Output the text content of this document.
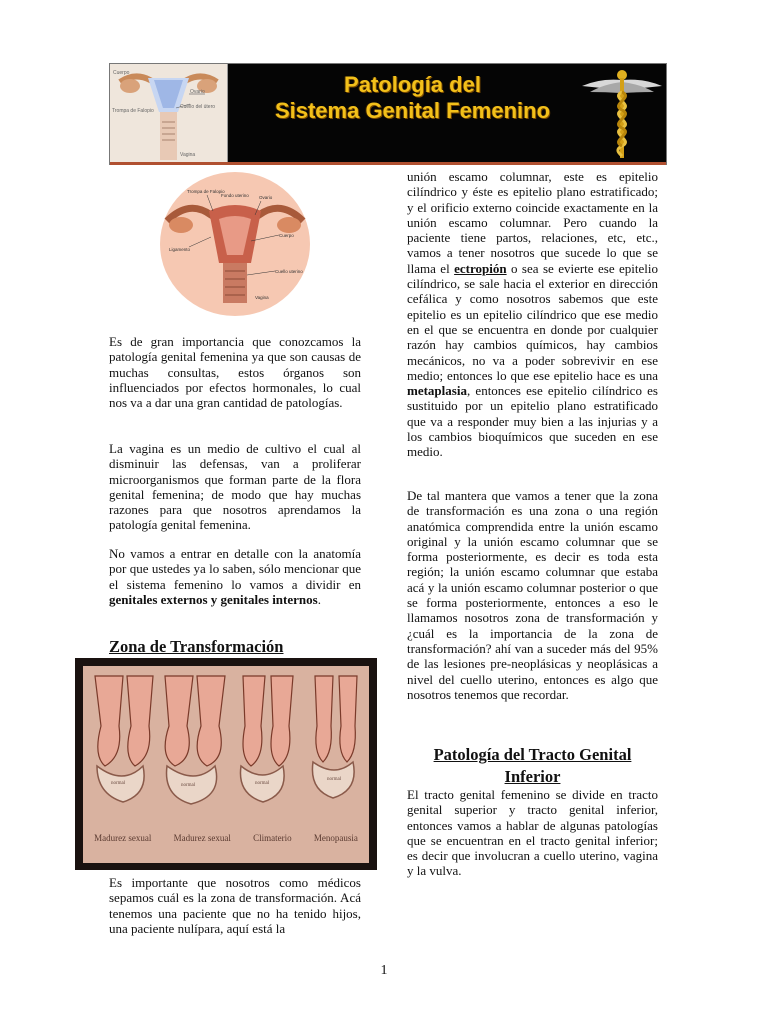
Cuerpo
Ovario
Cuello del útero
Trompa de Falopio
Vagina
Patología del
Sistema Genital Femenino
Trompa de Falopio
Fondo uterino Ovario
Ligamento
Cuerpo
Cuello uterino
Vagina

Es de gran importancia que conozcamos la patología genital femenina ya que son causas de muchas consultas, estos órganos son influenciados por efectos hormonales, lo cual nos va a dar una gran cantidad de patologías.

La vagina es un medio de cultivo el cual al disminuir las defensas, van a proliferar microorganismos que forman parte de la flora genital femenina; de modo que hay muchas razones para que nosotros aprendamos la patología genital femenina.

No vamos a entrar en detalle con la anatomía por que ustedes ya lo saben, sólo mencionar que el sistema femenino lo vamos a dividir en genitales externos y genitales internos.

Zona de Transformación
normal	normal	normal
normal
Madurez sexual Madurez sexual Climaterio Menopausia

Es importante que nosotros como médicos sepamos cuál es la zona de transformación. Acá tenemos una paciente que no ha tenido hijos, una paciente nulípara, aquí está la

unión escamo columnar, este es epitelio cilíndrico y éste es epitelio plano estratificado; y el orificio externo coincide exactamente en la unión escamo columnar. Pero cuando la paciente tiene partos, relaciones, etc, etc., vamos a tener nosotros que sucede lo que se llama el ectropión o sea se evierte ese epitelio cilíndrico, se sale hacia el exterior en dirección cefálica y como nosotros sabemos que este epitelio es un epitelio cilíndrico que ese medio en el que se encuentra en donde por cualquier razón hay cambios químicos, hay cambios mecánicos, no va a poder sobrevivir en ese medio; entonces lo que ese epitelio hace es una metaplasia, entonces ese epitelio cilíndrico es sustituido por un epitelio plano estratificado que va a responder muy bien a las injurias y a los cambios bioquímicos que suceden en ese medio.

De tal mantera que vamos a tener que la zona de transformación es una zona o una región anatómica comprendida entre la unión escamo original y la unión escamo columnar que se forma posteriormente, es decir es toda esta región; la unión escamo columnar que estaba acá y la unión escamo columnar posterior o que se forma posteriormente, entonces a eso le llamamos nosotros zona de transformación y ¿cuál es la importancia de la zona de transformación? ahí van a suceder más del 95% de las lesiones pre-neoplásicas y neoplásicas a nivel del cuello uterino, entonces es algo que nosotros tenemos que recordar.

Patología del Tracto Genital Inferior

El tracto genital femenino se divide en tracto genital superior y tracto genital inferior, entonces vamos a hablar de algunas patologías que se encuentran en el tracto genital inferior; es decir que involucran a cuello uterino, vagina y la vulva.

1
